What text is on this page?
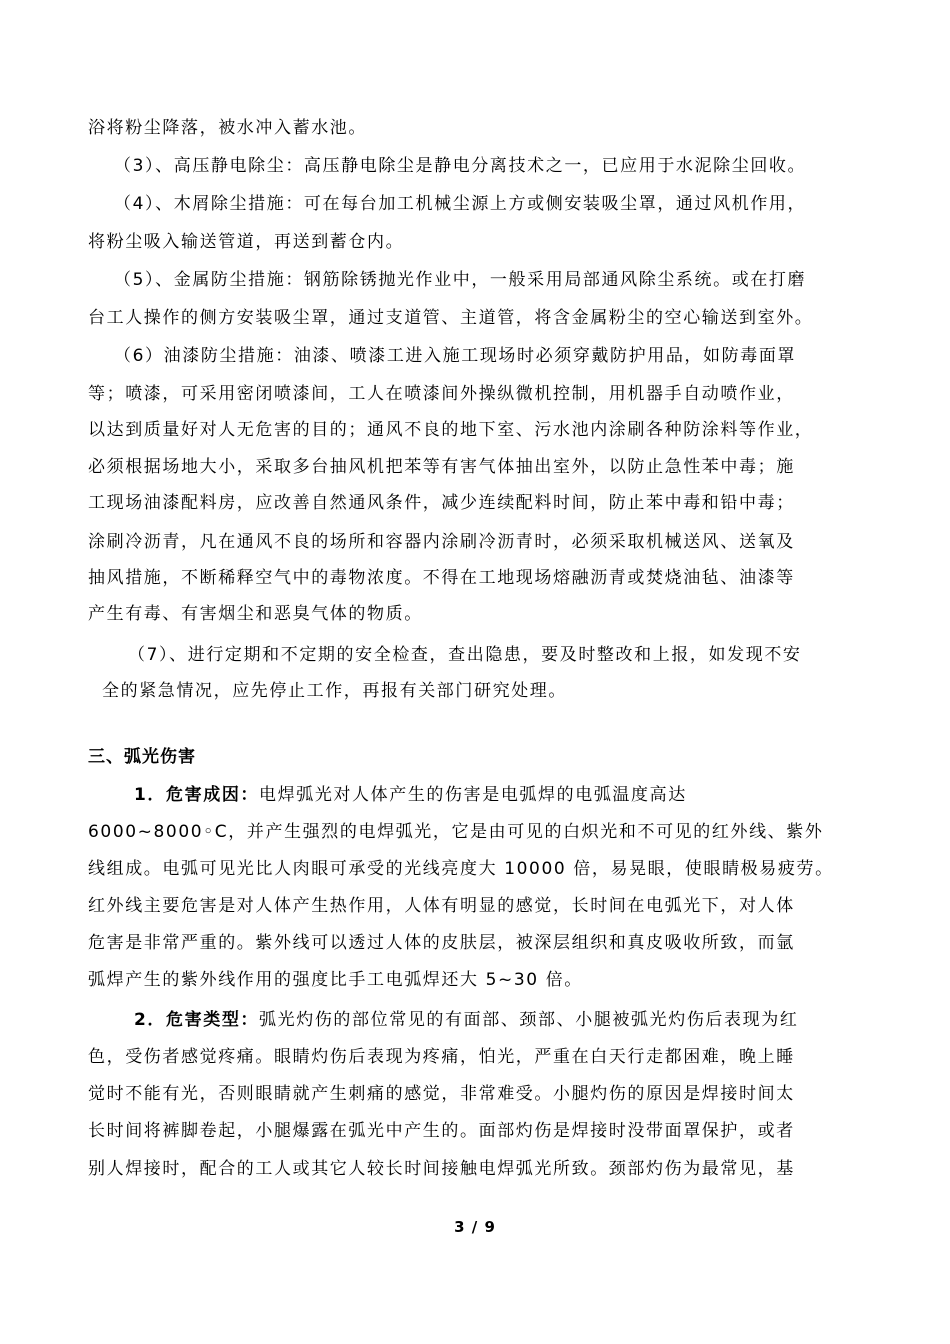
浴将粉尘降落，被水冲入蓄水池。
（3）、高压静电除尘：高压静电除尘是静电分离技术之一，已应用于水泥除尘回收。
（4）、木屑除尘措施：可在每台加工机械尘源上方或侧安装吸尘罩，通过风机作用，
将粉尘吸入输送管道，再送到蓄仓内。
（5）、金属防尘措施：钢筋除锈抛光作业中，一般采用局部通风除尘系统。或在打磨
台工人操作的侧方安装吸尘罩，通过支道管、主道管，将含金属粉尘的空心输送到室外。
（6）油漆防尘措施：油漆、喷漆工进入施工现场时必须穿戴防护用品，如防毒面罩
等；喷漆，可采用密闭喷漆间，工人在喷漆间外操纵微机控制，用机器手自动喷作业，
以达到质量好对人无危害的目的；通风不良的地下室、污水池内涂刷各种防涂料等作业，
必须根据场地大小，采取多台抽风机把苯等有害气体抽出室外，以防止急性苯中毒；施
工现场油漆配料房，应改善自然通风条件，减少连续配料时间，防止苯中毒和铅中毒；
涂刷冷沥青，凡在通风不良的场所和容器内涂刷冷沥青时，必须采取机械送风、送氧及
抽风措施，不断稀释空气中的毒物浓度。不得在工地现场熔融沥青或焚烧油毡、油漆等
产生有毒、有害烟尘和恶臭气体的物质。
（7）、进行定期和不定期的安全检查，查出隐患，要及时整改和上报，如发现不安
全的紧急情况，应先停止工作，再报有关部门研究处理。
三、弧光伤害
1．危害成因：电焊弧光对人体产生的伤害是电弧焊的电弧温度高达
6000~8000◦C，并产生强烈的电焊弧光，它是由可见的白炽光和不可见的红外线、紫外
线组成。电弧可见光比人肉眼可承受的光线亮度大 10000 倍，易晃眼，使眼睛极易疲劳。
红外线主要危害是对人体产生热作用，人体有明显的感觉，长时间在电弧光下，对人体
危害是非常严重的。紫外线可以透过人体的皮肤层，被深层组织和真皮吸收所致，而氩
弧焊产生的紫外线作用的强度比手工电弧焊还大 5~30 倍。
2．危害类型：弧光灼伤的部位常见的有面部、颈部、小腿被弧光灼伤后表现为红
色，受伤者感觉疼痛。眼睛灼伤后表现为疼痛，怕光，严重在白天行走都困难，晚上睡
觉时不能有光，否则眼睛就产生刺痛的感觉，非常难受。小腿灼伤的原因是焊接时间太
长时间将裤脚卷起，小腿爆露在弧光中产生的。面部灼伤是焊接时没带面罩保护，或者
别人焊接时，配合的工人或其它人较长时间接触电焊弧光所致。颈部灼伤为最常见，基
3 / 9
